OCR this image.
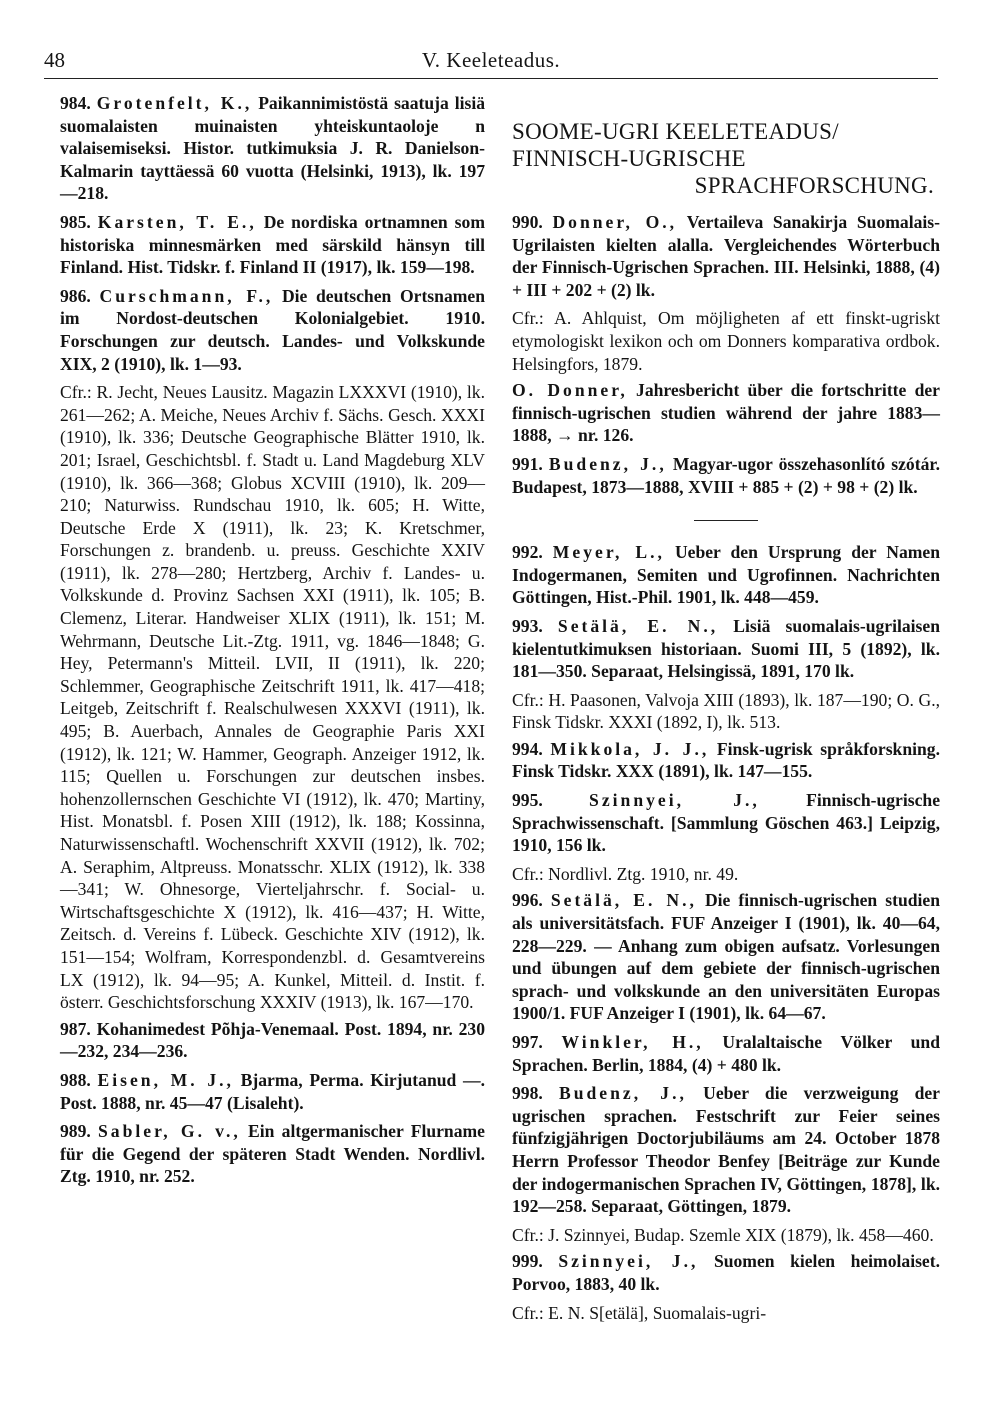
48	V. Keeleteadus.

984. Grotenfelt, K., Paikannimistöstä saatuja lisiä suomalaisten muinaisten yhteiskuntaoloje n valaisemiseksi. Histor. tutkimuksia J. R. Danielson-Kalmarin tayttäessä 60 vuotta (Helsinki, 1913), lk. 197—218.

985. Karsten, T. E., De nordiska ortnamnen som historiska minnesmärken med särskild hänsyn till Finland. Hist. Tidskr. f. Finland II (1917), lk. 159—198.

986. Curschmann, F., Die deutschen Ortsnamen im Nordost-deutschen Kolonialgebiet. 1910. Forschungen zur deutsch. Landes- und Volkskunde XIX, 2 (1910), lk. 1—93.

Cfr.: R. Jecht, Neues Lausitz. Magazin LXXXVI (1910), lk. 261—262; A. Meiche, Neues Archiv f. Sächs. Gesch. XXXI (1910), lk. 336; Deutsche Geographische Blätter 1910, lk. 201; Israel, Geschichtsbl. f. Stadt u. Land Magdeburg XLV (1910), lk. 366—368; Globus XCVIII (1910), lk. 209—210; Naturwiss. Rundschau 1910, lk. 605; H. Witte, Deutsche Erde X (1911), lk. 23; K. Kretschmer, Forschungen z. brandenb. u. preuss. Geschichte XXIV (1911), lk. 278—280; Hertzberg, Archiv f. Landes- u. Volkskunde d. Provinz Sachsen XXI (1911), lk. 105; B. Clemenz, Literar. Handweiser XLIX (1911), lk. 151; M. Wehrmann, Deutsche Lit.-Ztg. 1911, vg. 1846—1848; G. Hey, Petermann's Mitteil. LVII, II (1911), lk. 220; Schlemmer, Geographische Zeitschrift 1911, lk. 417—418; Leitgeb, Zeitschrift f. Realschulwesen XXXVI (1911), lk. 495; B. Auerbach, Annales de Geographie Paris XXI (1912), lk. 121; W. Hammer, Geograph. Anzeiger 1912, lk. 115; Quellen u. Forschungen zur deutschen insbes. hohenzollernschen Geschichte VI (1912), lk. 470; Martiny, Hist. Monatsbl. f. Posen XIII (1912), lk. 188; Kossinna, Naturwissenschaftl. Wochenschrift XXVII (1912), lk. 702; A. Seraphim, Altpreuss. Monatsschr. XLIX (1912), lk. 338—341; W. Ohnesorge, Vierteljahrschr. f. Social- u. Wirtschaftsgeschichte X (1912), lk. 416—437; H. Witte, Zeitsch. d. Vereins f. Lübeck. Geschichte XIV (1912), lk. 151—154; Wolfram, Korrespondenzbl. d. Gesamtvereins LX (1912), lk. 94—95; A. Kunkel, Mitteil. d. Instit. f. österr. Geschichtsforschung XXXIV (1913), lk. 167—170.

987. Kohanimedest Põhja-Venemaal. Post. 1894, nr. 230—232, 234—236.

988. Eisen, M. J., Bjarma, Perma. Kirjutanud —. Post. 1888, nr. 45—47 (Lisaleht).

989. Sabler, G. v., Ein altgermanischer Flurname für die Gegend der späteren Stadt Wenden. Nordlivl. Ztg. 1910, nr. 252.

SOOME-UGRI KEELETEADUS/
FINNISCH-UGRISCHE
SPRACHFORSCHUNG.

990. Donner, O., Vertaileva Sanakirja Suomalais-Ugrilaisten kielten alalla. Vergleichendes Wörterbuch der Finnisch-Ugrischen Sprachen. III. Helsinki, 1888, (4) + III + 202 + (2) lk.

Cfr.: A. Ahlquist, Om möjligheten af ett finskt-ugriskt etymologiskt lexikon och om Donners komparativa ordbok. Helsingfors, 1879.

O. Donner, Jahresbericht über die fortschritte der finnisch-ugrischen studien während der jahre 1883—1888, → nr. 126.

991. Budenz, J., Magyar-ugor összehasonlító szótár. Budapest, 1873—1888, XVIII + 885 + (2) + 98 + (2) lk.

992. Meyer, L., Ueber den Ursprung der Namen Indogermanen, Semiten und Ugrofinnen. Nachrichten Göttingen, Hist.-Phil. 1901, lk. 448—459.

993. Setälä, E. N., Lisiä suomalais-ugrilaisen kielentutkimuksen historiaan. Suomi III, 5 (1892), lk. 181—350. Separaat, Helsingissä, 1891, 170 lk.

Cfr.: H. Paasonen, Valvoja XIII (1893), lk. 187—190; O. G., Finsk Tidskr. XXXI (1892, I), lk. 513.

994. Mikkola, J. J., Finsk-ugrisk språkforskning. Finsk Tidskr. XXX (1891), lk. 147—155.

995.	Szinnyei, J.,	Finnisch-ugrische Sprachwissenschaft. [Sammlung Göschen 463.] Leipzig, 1910, 156 lk.

Cfr.: Nordlivl. Ztg. 1910, nr. 49.

996. Setälä, E. N., Die finnisch-ugrischen studien als universitätsfach. FUF Anzeiger I (1901), lk. 40—64, 228—229. — Anhang zum obigen aufsatz. Vorlesungen und übungen auf dem gebiete der finnisch-ugrischen sprach- und volkskunde an den universitäten Europas 1900/1. FUF Anzeiger I (1901), lk. 64—67.

997. Winkler, H., Uralaltaische Völker und Sprachen. Berlin, 1884, (4) + 480 lk.

998. Budenz, J., Ueber die verzweigung der ugrischen sprachen. Festschrift zur Feier seines fünfzigjährigen Doctorjubiläums am 24. October 1878 Herrn Professor Theodor Benfey [Beiträge zur Kunde der indogermanischen Sprachen IV, Göttingen, 1878], lk. 192—258. Separaat, Göttingen, 1879.

Cfr.: J. Szinnyei, Budap. Szemle XIX (1879), lk. 458—460.

999. Szinnyei, J., Suomen kielen heimolaiset. Porvoo, 1883, 40 lk.

Cfr.: E. N. S[etälä], Suomalais-ugri-
